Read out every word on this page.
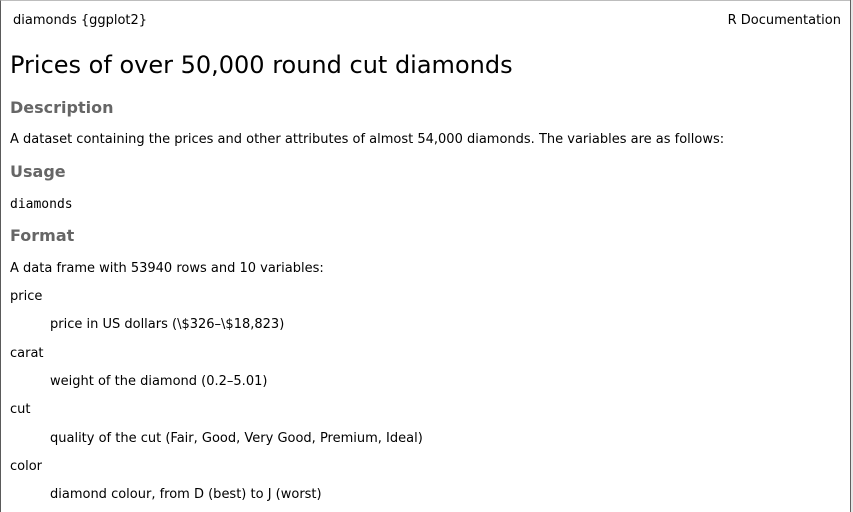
diamonds {ggplot2}	R Documentation
Prices of over 50,000 round cut diamonds
Description
A dataset containing the prices and other attributes of almost 54,000 diamonds. The variables are as follows:
Usage
diamonds
Format
A data frame with 53940 rows and 10 variables:
price
price in US dollars (\$326–\$18,823)
carat
weight of the diamond (0.2–5.01)
cut
quality of the cut (Fair, Good, Very Good, Premium, Ideal)
color
diamond colour, from D (best) to J (worst)
